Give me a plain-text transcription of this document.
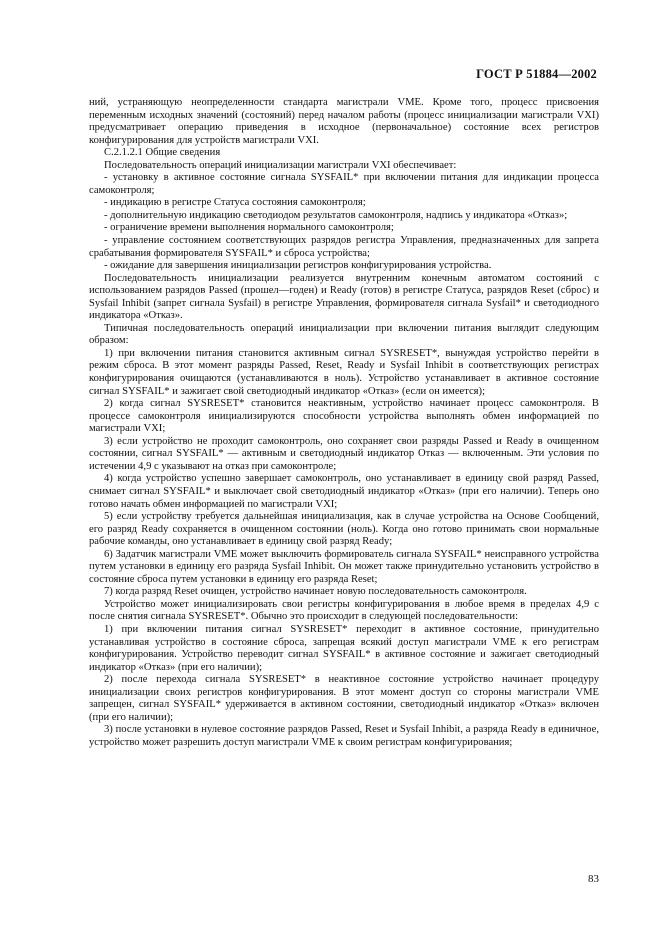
ГОСТ Р 51884—2002

ний, устраняющую неопределенности стандарта магистрали VME. Кроме того, процесс присвоения переменным исходных значений (состояний) перед началом работы (процесс инициализации магистрали VXI) предусматривает операцию приведения в исходное (первоначальное) состояние всех регистров конфигурирования для устройств магистрали VXI.

С.2.1.2.1 Общие сведения

Последовательность операций инициализации магистрали VXI обеспечивает:

- установку в активное состояние сигнала SYSFAIL* при включении питания для индикации процесса самоконтроля;

- индикацию в регистре Статуса состояния самоконтроля;

- дополнительную индикацию светодиодом результатов самоконтроля, надпись у индикатора «Отказ»;

- ограничение времени выполнения нормального самоконтроля;

- управление состоянием соответствующих разрядов регистра Управления, предназначенных для запрета срабатывания формирователя SYSFAIL* и сброса устройства;

- ожидание для завершения инициализации регистров конфигурирования устройства.

Последовательность инициализации реализуется внутренним конечным автоматом состояний с использованием разрядов Passed (прошел—годен) и Ready (готов) в регистре Статуса, разрядов Reset (сброс) и Sysfail Inhibit (запрет сигнала Sysfail) в регистре Управления, формирователя сигнала Sysfail* и светодиодного индикатора «Отказ».

Типичная последовательность операций инициализации при включении питания выглядит следующим образом:

1) при включении питания становится активным сигнал SYSRESET*, вынуждая устройство перейти в режим сброса. В этот момент разряды Passed, Reset, Ready и Sysfail Inhibit в соответствующих регистрах конфигурирования очищаются (устанавливаются в ноль). Устройство устанавливает в активное состояние сигнал SYSFAIL* и зажигает свой светодиодный индикатор «Отказ» (если он имеется);

2) когда сигнал SYSRESET* становится неактивным, устройство начинает процесс самоконтроля. В процессе самоконтроля инициализируются способности устройства выполнять обмен информацией по магистрали VXI;

3) если устройство не проходит самоконтроль, оно сохраняет свои разряды Passed и Ready в очищенном состоянии, сигнал SYSFAIL* — активным и светодиодный индикатор Отказ — включенным. Эти условия по истечении 4,9 с указывают на отказ при самоконтроле;

4) когда устройство успешно завершает самоконтроль, оно устанавливает в единицу свой разряд Passed, снимает сигнал SYSFAIL* и выключает свой светодиодный индикатор «Отказ» (при его наличии). Теперь оно готово начать обмен информацией по магистрали VXI;

5) если устройству требуется дальнейшая инициализация, как в случае устройства на Основе Сообщений, его разряд Ready сохраняется в очищенном состоянии (ноль). Когда оно готово принимать свои нормальные рабочие команды, оно устанавливает в единицу свой разряд Ready;

6) Задатчик магистрали VME может выключить формирователь сигнала SYSFAIL* неисправного устройства путем установки в единицу его разряда Sysfail Inhibit. Он может также принудительно установить устройство в состояние сброса путем установки в единицу его разряда Reset;

7) когда разряд Reset очищен, устройство начинает новую последовательность самоконтроля.

Устройство может инициализировать свои регистры конфигурирования в любое время в пределах 4,9 с после снятия сигнала SYSRESET*. Обычно это происходит в следующей последовательности:

1) при включении питания сигнал SYSRESET* переходит в активное состояние, принудительно устанавливая устройство в состояние сброса, запрещая всякий доступ магистрали VME к его регистрам конфигурирования. Устройство переводит сигнал SYSFAIL* в активное состояние и зажигает светодиодный индикатор «Отказ» (при его наличии);

2) после перехода сигнала SYSRESET* в неактивное состояние устройство начинает процедуру инициализации своих регистров конфигурирования. В этот момент доступ со стороны магистрали VME запрещен, сигнал SYSFAIL* удерживается в активном состоянии, светодиодный индикатор «Отказ» включен (при его наличии);

3) после установки в нулевое состояние разрядов Passed, Reset и Sysfail Inhibit, а разряда Ready в единичное, устройство может разрешить доступ магистрали VME к своим регистрам конфигурирования;

83
